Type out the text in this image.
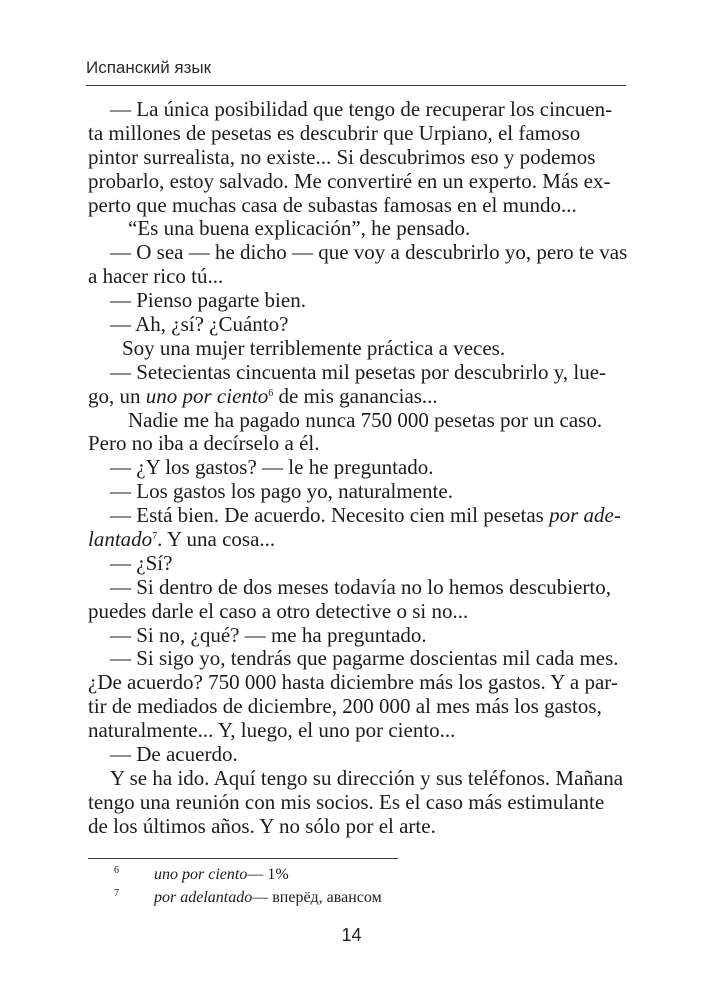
Испанский язык
— La única posibilidad que tengo de recuperar los cincuen-
ta millones de pesetas es descubrir que Urpiano, el famoso
pintor surrealista, no existe... Si descubrimos eso y podemos
probarlo, estoy salvado. Me convertiré en un experto. Más ex-
perto que muchas casa de subastas famosas en el mundo...
“Es una buena explicación”, he pensado.
— O sea — he dicho — que voy a descubrirlo yo, pero te vas
a hacer rico tú...
— Pienso pagarte bien.
— Ah, ¿sí? ¿Cuánto?
Soy una mujer terriblemente práctica a veces.
— Setecientas cincuenta mil pesetas por descubrirlo y, lue-
go, un uno por ciento$^6$ de mis ganancias...
Nadie me ha pagado nunca 750 000 pesetas por un caso.
Pero no iba a decírselo a él.
— ¿Y los gastos? — le he preguntado.
— Los gastos los pago yo, naturalmente.
— Está bien. De acuerdo. Necesito cien mil pesetas por ade-
lantado$^7$. Y una cosa...
— ¿Sí?
— Si dentro de dos meses todavía no lo hemos descubierto,
puedes darle el caso a otro detective o si no...
— Si no, ¿qué? — me ha preguntado.
— Si sigo yo, tendrás que pagarme doscientas mil cada mes.
¿De acuerdo? 750 000 hasta diciembre más los gastos. Y a par-
tir de mediados de diciembre, 200 000 al mes más los gastos,
naturalmente... Y, luego, el uno por ciento...
— De acuerdo.
Y se ha ido. Aquí tengo su dirección y sus teléfonos. Mañana
tengo una reunión con mis socios. Es el caso más estimulante
de los últimos años. Y no sólo por el arte.
6	uno por ciento — 1%
7	por adelantado — вперёд, авансом
14
